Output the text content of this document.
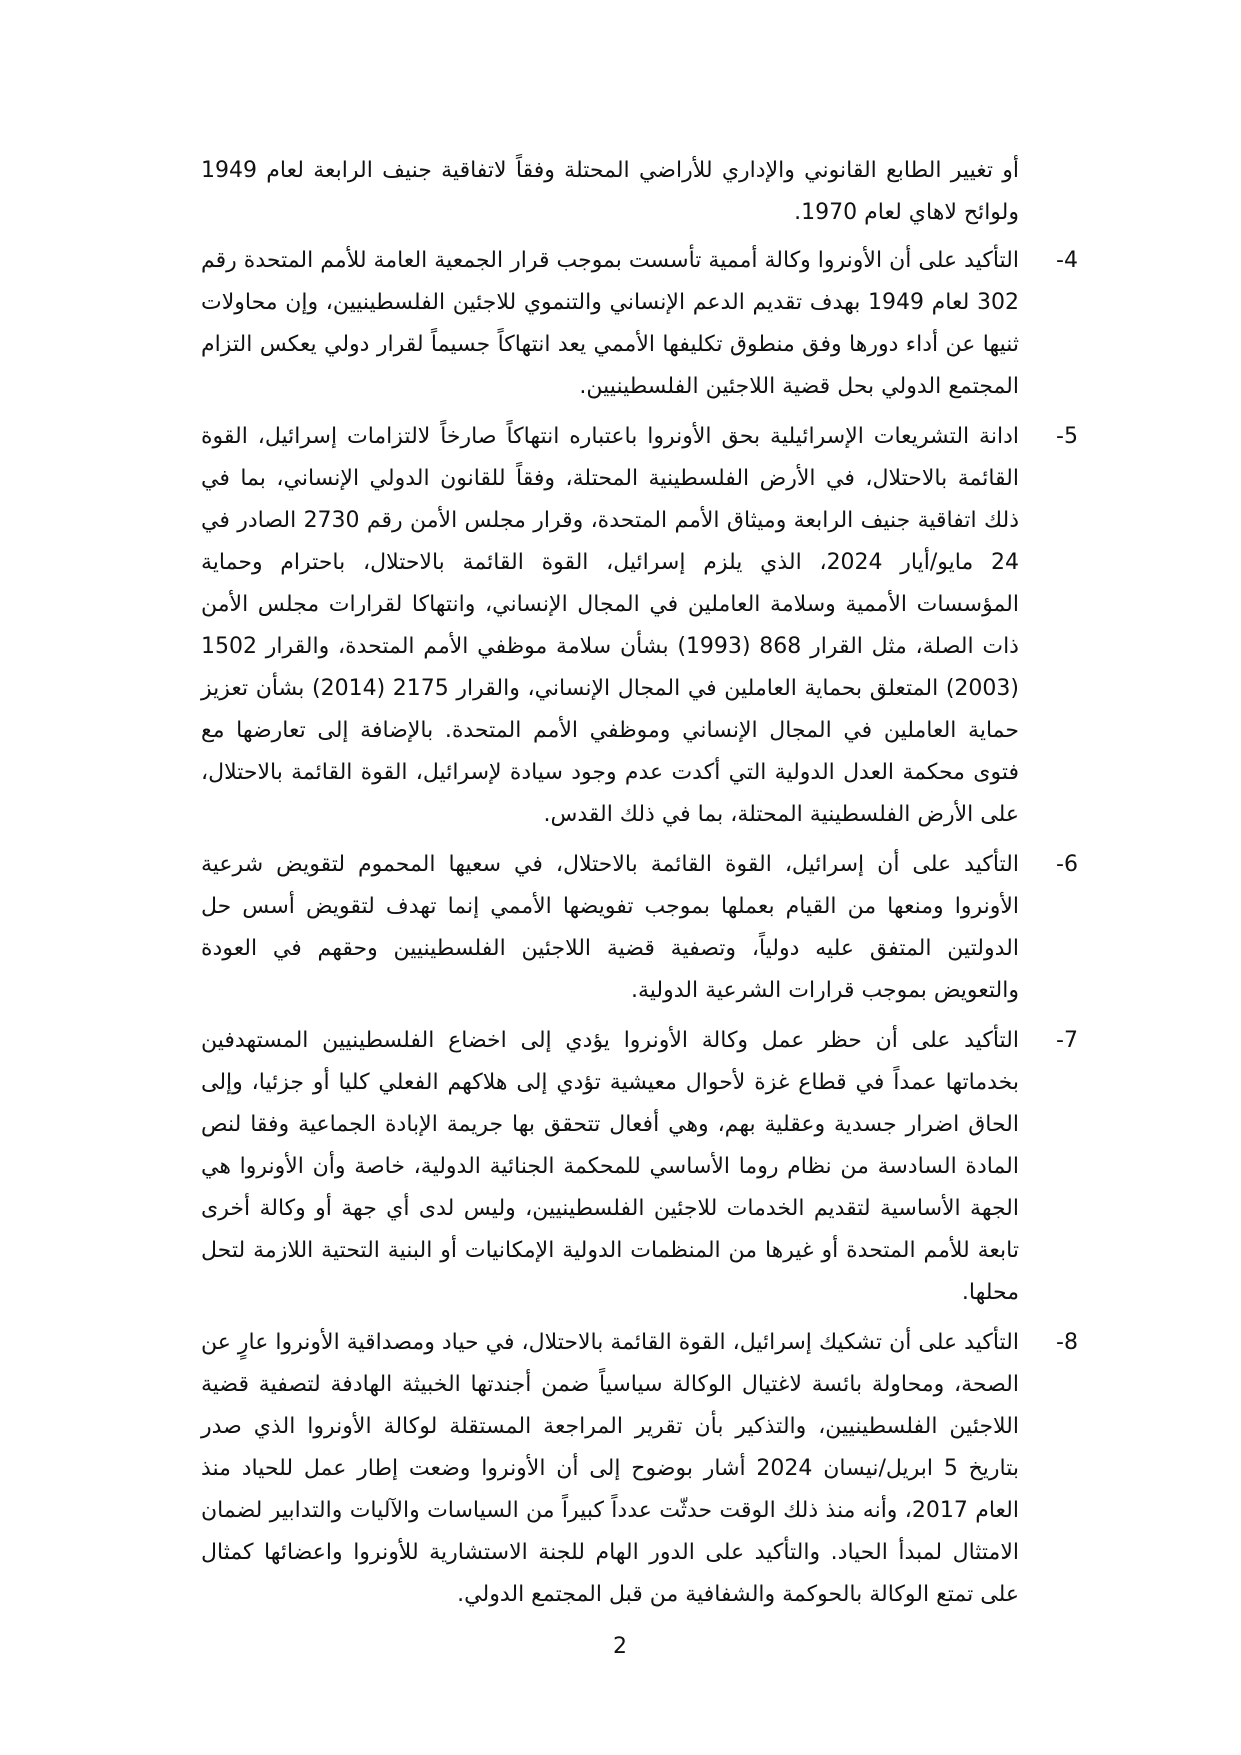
أو تغيير الطابع القانوني والإداري للأراضي المحتلة وفقاً لاتفاقية جنيف الرابعة لعام 1949 ولوائح لاهاي لعام 1970.

-4

التأكيد على أن الأونروا وكالة أممية تأسست بموجب قرار الجمعية العامة للأمم المتحدة رقم 302 لعام 1949 بهدف تقديم الدعم الإنساني والتنموي للاجئين الفلسطينيين، وإن محاولات ثنيها عن أداء دورها وفق منطوق تكليفها الأممي يعد انتهاكاً جسيماً لقرار دولي يعكس التزام المجتمع الدولي بحل قضية اللاجئين الفلسطينيين.

-5

ادانة التشريعات الإسرائيلية بحق الأونروا باعتباره انتهاكاً صارخاً لالتزامات إسرائيل، القوة القائمة بالاحتلال، في الأرض الفلسطينية المحتلة، وفقاً للقانون الدولي الإنساني، بما في ذلك اتفاقية جنيف الرابعة وميثاق الأمم المتحدة، وقرار مجلس الأمن رقم 2730 الصادر في 24 مايو/أيار 2024، الذي يلزم إسرائيل، القوة القائمة بالاحتلال، باحترام وحماية المؤسسات الأممية وسلامة العاملين في المجال الإنساني، وانتهاكا لقرارات مجلس الأمن ذات الصلة، مثل القرار 868 (1993) بشأن سلامة موظفي الأمم المتحدة، والقرار 1502 (2003) المتعلق بحماية العاملين في المجال الإنساني، والقرار 2175 (2014) بشأن تعزيز حماية العاملين في المجال الإنساني وموظفي الأمم المتحدة. بالإضافة إلى تعارضها مع فتوى محكمة العدل الدولية التي أكدت عدم وجود سيادة لإسرائيل، القوة القائمة بالاحتلال، على الأرض الفلسطينية المحتلة، بما في ذلك القدس.

-6

التأكيد على أن إسرائيل، القوة القائمة بالاحتلال، في سعيها المحموم لتقويض شرعية الأونروا ومنعها من القيام بعملها بموجب تفويضها الأممي إنما تهدف لتقويض أسس حل الدولتين المتفق عليه دولياً، وتصفية قضية اللاجئين الفلسطينيين وحقهم في العودة والتعويض بموجب قرارات الشرعية الدولية.

-7

التأكيد على أن حظر عمل وكالة الأونروا يؤدي إلى اخضاع الفلسطينيين المستهدفين بخدماتها عمداً في قطاع غزة لأحوال معيشية تؤدي إلى هلاكهم الفعلي كليا أو جزئيا، وإلى الحاق اضرار جسدية وعقلية بهم، وهي أفعال تتحقق بها جريمة الإبادة الجماعية وفقا لنص المادة السادسة من نظام روما الأساسي للمحكمة الجنائية الدولية، خاصة وأن الأونروا هي الجهة الأساسية لتقديم الخدمات للاجئين الفلسطينيين، وليس لدى أي جهة أو وكالة أخرى تابعة للأمم المتحدة أو غيرها من المنظمات الدولية الإمكانيات أو البنية التحتية اللازمة لتحل محلها.

-8

التأكيد على أن تشكيك إسرائيل، القوة القائمة بالاحتلال، في حياد ومصداقية الأونروا عارٍ عن الصحة، ومحاولة بائسة لاغتيال الوكالة سياسياً ضمن أجندتها الخبيثة الهادفة لتصفية قضية اللاجئين الفلسطينيين، والتذكير بأن تقرير المراجعة المستقلة لوكالة الأونروا الذي صدر بتاريخ 5 ابريل/نيسان 2024 أشار بوضوح إلى أن الأونروا وضعت إطار عمل للحياد منذ العام 2017، وأنه منذ ذلك الوقت حدثّت عدداً كبيراً من السياسات والآليات والتدابير لضمان الامتثال لمبدأ الحياد. والتأكيد على الدور الهام للجنة الاستشارية للأونروا واعضائها كمثال على تمتع الوكالة بالحوكمة والشفافية من قبل المجتمع الدولي.

2
